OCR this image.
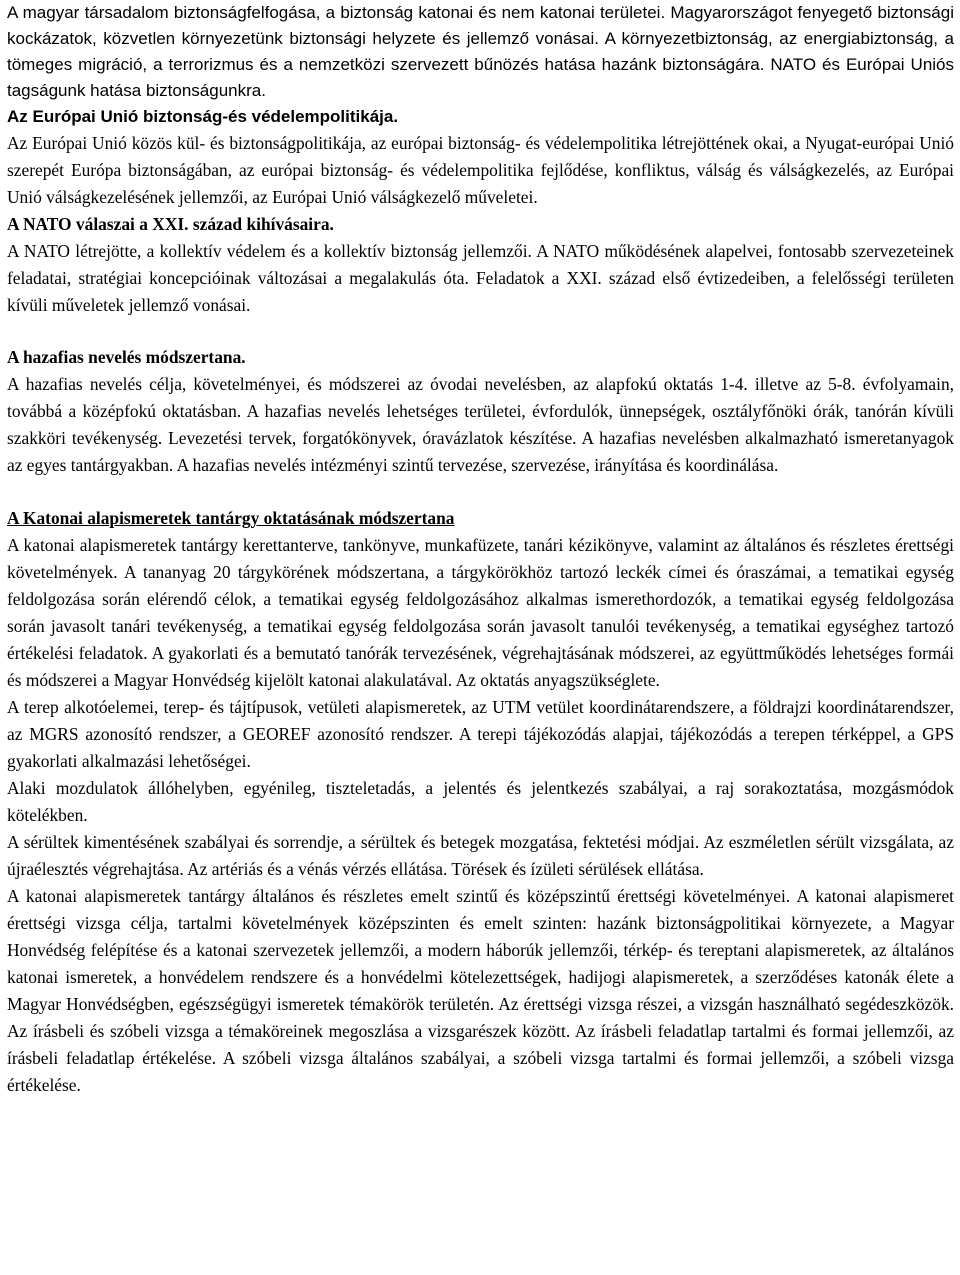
A magyar társadalom biztonságfelfogása, a biztonság katonai és nem katonai területei. Magyarországot fenyegető biztonsági kockázatok, közvetlen környezetünk biztonsági helyzete és jellemző vonásai. A környezetbiztonság, az energiabiztonság, a tömeges migráció, a terrorizmus és a nemzetközi szervezett bűnözés hatása hazánk biztonságára. NATO és Európai Uniós tagságunk hatása biztonságunkra.

Az Európai Unió biztonság-és védelempolitikája.

Az Európai Unió közös kül- és biztonságpolitikája, az európai biztonság- és védelempolitika létrejöttének okai, a Nyugat-európai Unió szerepét Európa biztonságában, az európai biztonság- és védelempolitika fejlődése, konfliktus, válság és válságkezelés, az Európai Unió válságkezelésének jellemzői, az Európai Unió válságkezelő műveletei.

A NATO válaszai a XXI. század kihívásaira.

A NATO létrejötte, a kollektív védelem és a kollektív biztonság jellemzői. A NATO működésének alapelvei, fontosabb szervezeteinek feladatai, stratégiai koncepcióinak változásai a megalakulás óta. Feladatok a XXI. század első évtizedeiben, a felelősségi területen kívüli műveletek jellemző vonásai.

A hazafias nevelés módszertana.

A hazafias nevelés célja, követelményei, és módszerei az óvodai nevelésben, az alapfokú oktatás 1-4. illetve az 5-8. évfolyamain, továbbá a középfokú oktatásban. A hazafias nevelés lehetséges területei, évfordulók, ünnepségek, osztályfőnöki órák, tanórán kívüli szakköri tevékenység. Levezetési tervek, forgatókönyvek, óravázlatok készítése. A hazafias nevelésben alkalmazható ismeretanyagok az egyes tantárgyakban. A hazafias nevelés intézményi szintű tervezése, szervezése, irányítása és koordinálása.

A Katonai alapismeretek tantárgy oktatásának módszertana

A katonai alapismeretek tantárgy kerettanterve, tankönyve, munkafüzete, tanári kézikönyve, valamint az általános és részletes érettségi követelmények. A tananyag 20 tárgykörének módszertana, a tárgykörökhöz tartozó leckék címei és óraszámai, a tematikai egység feldolgozása során elérendő célok, a tematikai egység feldolgozásához alkalmas ismerethordozók, a tematikai egység feldolgozása során javasolt tanári tevékenység, a tematikai egység feldolgozása során javasolt tanulói tevékenység, a tematikai egységhez tartozó értékelési feladatok. A gyakorlati és a bemutató tanórák tervezésének, végrehajtásának módszerei, az együttműködés lehetséges formái és módszerei a Magyar Honvédség kijelölt katonai alakulatával. Az oktatás anyagszükséglete.

A terep alkotóelemei, terep- és tájtípusok, vetületi alapismeretek, az UTM vetület koordinátarendszere, a földrajzi koordinátarendszer, az MGRS azonosító rendszer, a GEOREF azonosító rendszer. A terepi tájékozódás alapjai, tájékozódás a terepen térképpel, a GPS gyakorlati alkalmazási lehetőségei.

Alaki mozdulatok állóhelyben, egyénileg, tiszteletadás, a jelentés és jelentkezés szabályai, a raj sorakoztatása, mozgásmódok kötelékben.

A sérültek kimentésének szabályai és sorrendje, a sérültek és betegek mozgatása, fektetési módjai. Az eszméletlen sérült vizsgálata, az újraélesztés végrehajtása. Az artériás és a vénás vérzés ellátása. Törések és ízületi sérülések ellátása.

A katonai alapismeretek tantárgy általános és részletes emelt szintű és középszintű érettségi követelményei. A katonai alapismeret érettségi vizsga célja, tartalmi követelmények középszinten és emelt szinten: hazánk biztonságpolitikai környezete, a Magyar Honvédség felépítése és a katonai szervezetek jellemzői, a modern háborúk jellemzői, térkép- és tereptani alapismeretek, az általános katonai ismeretek, a honvédelem rendszere és a honvédelmi kötelezettségek, hadijogi alapismeretek, a szerződéses katonák élete a Magyar Honvédségben, egészségügyi ismeretek témakörök területén. Az érettségi vizsga részei, a vizsgán használható segédeszközök. Az írásbeli és szóbeli vizsga a témaköreinek megoszlása a vizsgarészek között. Az írásbeli feladatlap tartalmi és formai jellemzői, az írásbeli feladatlap értékelése. A szóbeli vizsga általános szabályai, a szóbeli vizsga tartalmi és formai jellemzői, a szóbeli vizsga értékelése.
